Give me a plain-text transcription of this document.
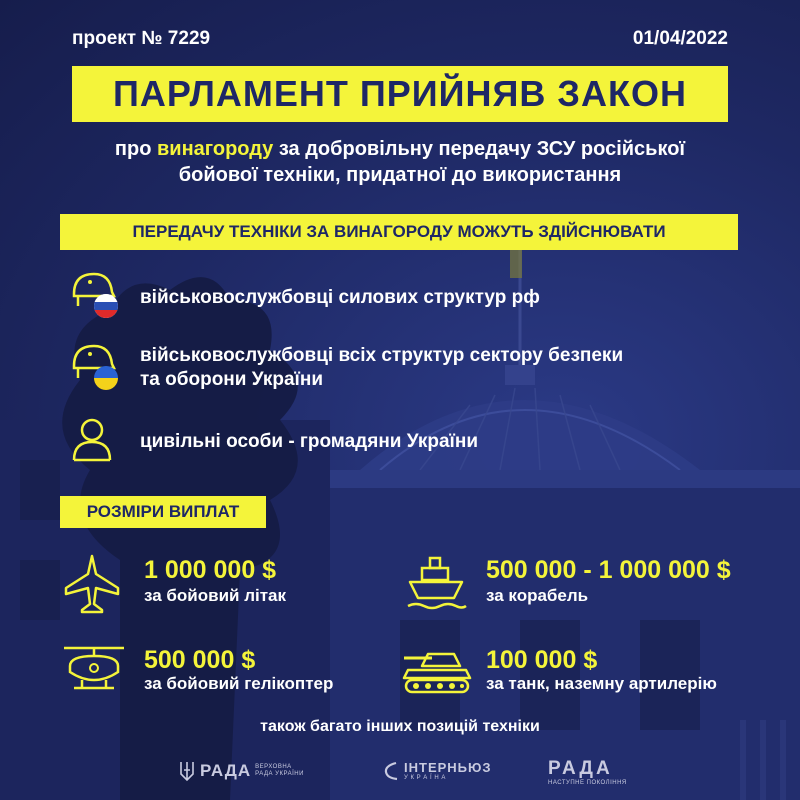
проект № 7229	01/04/2022
ПАРЛАМЕНТ ПРИЙНЯВ ЗАКОН
про винагороду за добровільну передачу ЗСУ російської
бойової техніки, придатної до використання
ПЕРЕДАЧУ ТЕХНІКИ ЗА ВИНАГОРОДУ МОЖУТЬ ЗДІЙСНЮВАТИ
військовослужбовці силових структур рф
військовослужбовці всіх структур сектору безпеки
та оборони України
цивільні особи - громадяни України
РОЗМІРИ ВИПЛАТ
1 000 000 $
за бойовий літак
500 000 - 1 000 000 $
за корабель
500 000 $
за бойовий гелікоптер
100 000 $
за танк, наземну артилерію
також багато інших позицій техніки
РАДА ВЕРХОВНА
РАДА УКРАЇНИ	ІНТЕРНЬЮЗ
У К Р А Ї Н А	РАДА
НАСТУПНЕ ПОКОЛІННЯ
